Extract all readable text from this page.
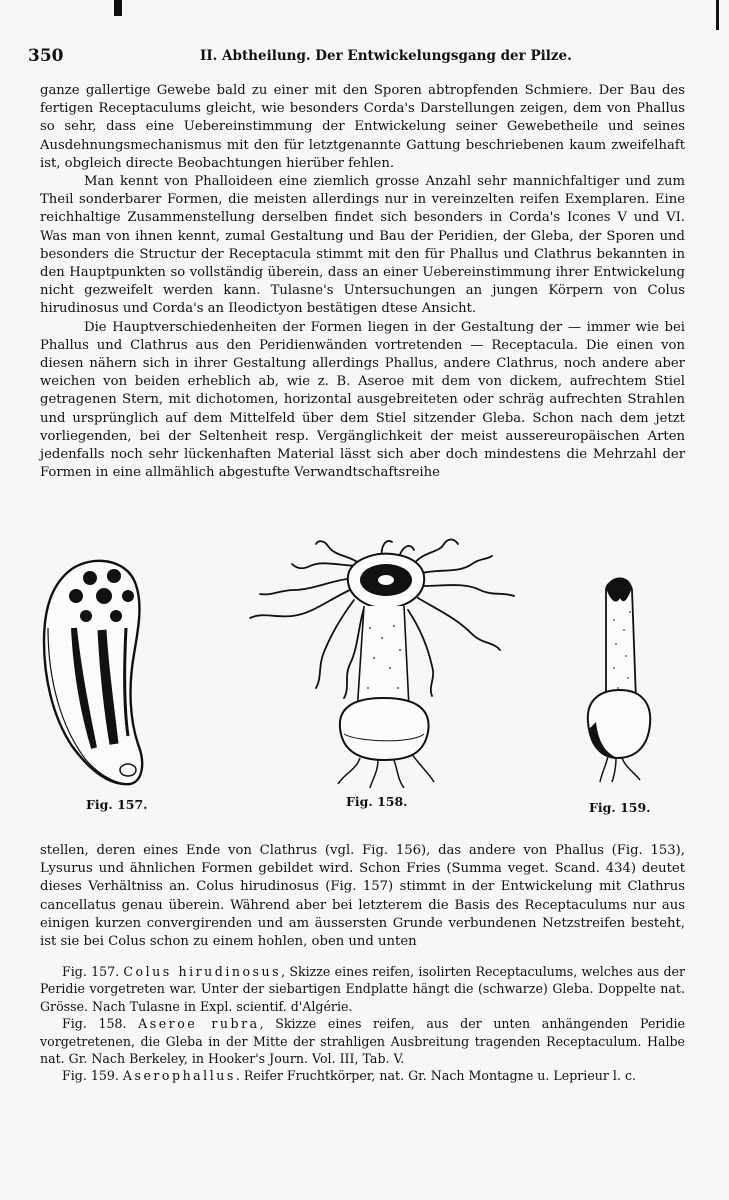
350	II. Abtheilung. Der Entwickelungsgang der Pilze.

ganze gallertige Gewebe bald zu einer mit den Sporen abtropfenden Schmiere. Der Bau des fertigen Receptaculums gleicht, wie besonders Corda's Darstellungen zeigen, dem von Phallus so sehr, dass eine Uebereinstimmung der Entwickelung seiner Gewebetheile und seines Ausdehnungsmechanismus mit den für letztgenannte Gattung beschriebenen kaum zweifelhaft ist, obgleich directe Beobachtungen hierüber fehlen.

Man kennt von Phalloideen eine ziemlich grosse Anzahl sehr mannichfaltiger und zum Theil sonderbarer Formen, die meisten allerdings nur in vereinzelten reifen Exemplaren. Eine reichhaltige Zusammenstellung derselben findet sich besonders in Corda's Icones V und VI. Was man von ihnen kennt, zumal Gestaltung und Bau der Peridien, der Gleba, der Sporen und besonders die Structur der Receptacula stimmt mit den für Phallus und Clathrus bekannten in den Hauptpunkten so vollständig überein, dass an einer Uebereinstimmung ihrer Entwickelung nicht gezweifelt werden kann. Tulasne's Untersuchungen an jungen Körpern von Colus hirudinosus und Corda's an Ileodictyon bestätigen dtese Ansicht.

Die Hauptverschiedenheiten der Formen liegen in der Gestaltung der — immer wie bei Phallus und Clathrus aus den Peridienwänden vortretenden — Receptacula. Die einen von diesen nähern sich in ihrer Gestaltung allerdings Phallus, andere Clathrus, noch andere aber weichen von beiden erheblich ab, wie z. B. Aseroe mit dem von dickem, aufrechtem Stiel getragenen Stern, mit dichotomen, horizontal ausgebreiteten oder schräg aufrechten Strahlen und ursprünglich auf dem Mittelfeld über dem Stiel sitzender Gleba. Schon nach dem jetzt vorliegenden, bei der Seltenheit resp. Vergänglichkeit der meist aussereuropäischen Arten jedenfalls noch sehr lückenhaften Material lässt sich aber doch mindestens die Mehrzahl der Formen in eine allmählich abgestufte Verwandtschaftsreihe

Fig. 157.	Fig. 158.	Fig. 159.

stellen, deren eines Ende von Clathrus (vgl. Fig. 156), das andere von Phallus (Fig. 153), Lysurus und ähnlichen Formen gebildet wird. Schon Fries (Summa veget. Scand. 434) deutet dieses Verhältniss an. Colus hirudinosus (Fig. 157) stimmt in der Entwickelung mit Clathrus cancellatus genau überein. Während aber bei letzterem die Basis des Receptaculums nur aus einigen kurzen convergirenden und am äussersten Grunde verbundenen Netzstreifen besteht, ist sie bei Colus schon zu einem hohlen, oben und unten

Fig. 157. Colus hirudinosus, Skizze eines reifen, isolirten Receptaculums, welches aus der Peridie vorgetreten war. Unter der siebartigen Endplatte hängt die (schwarze) Gleba. Doppelte nat. Grösse. Nach Tulasne in Expl. scientif. d'Algérie.

Fig. 158. Aseroe rubra, Skizze eines reifen, aus der unten anhängenden Peridie vorgetretenen, die Gleba in der Mitte der strahligen Ausbreitung tragenden Receptaculum. Halbe nat. Gr. Nach Berkeley, in Hooker's Journ. Vol. III, Tab. V.

Fig. 159. Aserophallus. Reifer Fruchtkörper, nat. Gr. Nach Montagne u. Leprieur l. c.
